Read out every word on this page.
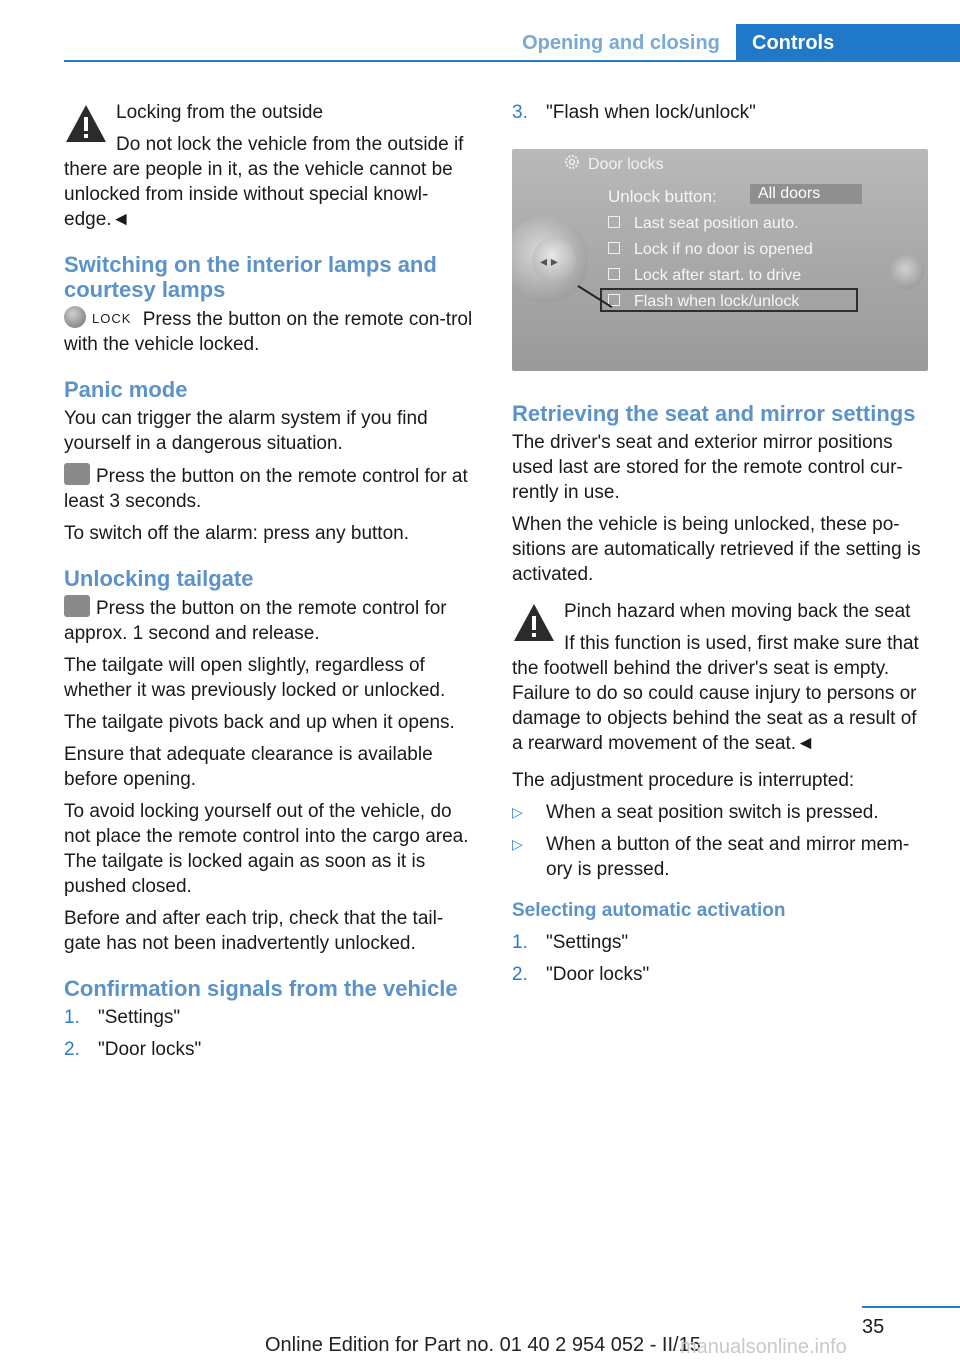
Opening and closing	Controls

Locking from the outside

Do not lock the vehicle from the outside if there are people in it, as the vehicle cannot be unlocked from inside without special knowl‐edge.◄

Switching on the interior lamps and courtesy lamps

LOCK Press the button on the remote con‐trol with the vehicle locked.

Panic mode

You can trigger the alarm system if you find yourself in a dangerous situation.

Press the button on the remote control for at least 3 seconds.

To switch off the alarm: press any button.

Unlocking tailgate

Press the button on the remote control for approx. 1 second and release.

The tailgate will open slightly, regardless of whether it was previously locked or unlocked.

The tailgate pivots back and up when it opens.

Ensure that adequate clearance is available before opening.

To avoid locking yourself out of the vehicle, do not place the remote control into the cargo area. The tailgate is locked again as soon as it is pushed closed.

Before and after each trip, check that the tail‐gate has not been inadvertently unlocked.

Confirmation signals from the vehicle
1. "Settings"
2. "Door locks"
3. "Flash when lock/unlock"
Door locks
Unlock button:	All doors
Last seat position auto.
Lock if no door is opened
Lock after start. to drive
Flash when lock/unlock
◂ ▸
Retrieving the seat and mirror settings

The driver's seat and exterior mirror positions used last are stored for the remote control cur‐rently in use.

When the vehicle is being unlocked, these po‐sitions are automatically retrieved if the setting is activated.

Pinch hazard when moving back the seat

If this function is used, first make sure that the footwell behind the driver's seat is empty. Failure to do so could cause injury to persons or damage to objects behind the seat as a result of a rearward movement of the seat.◄

The adjustment procedure is interrupted:

▷	When a seat position switch is pressed.
▷	When a button of the seat and mirror mem‐ory is pressed.
Selecting automatic activation
1. "Settings"
2. "Door locks"
35
Online Edition for Part no. 01 40 2 954 052 - II/15
manualsonline.info
